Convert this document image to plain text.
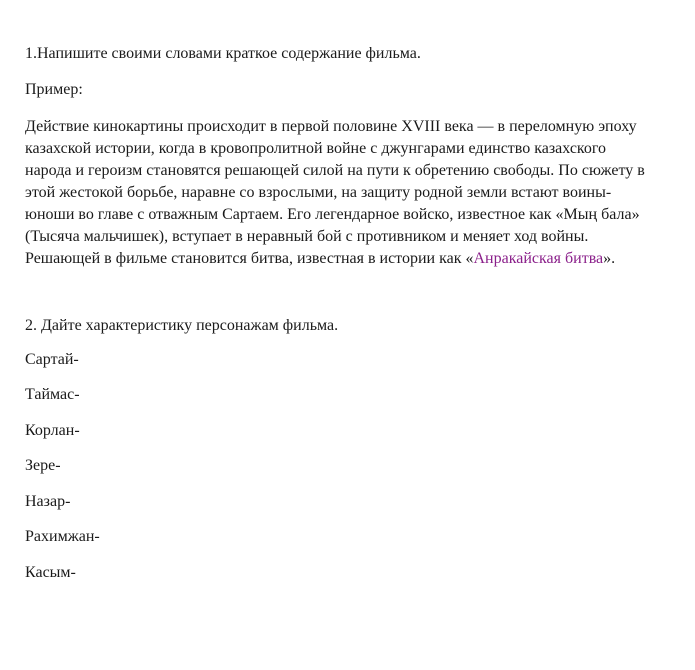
1.Напишите своими словами краткое содержание фильма.
Пример:
Действие кинокартины происходит в первой половине XVIII века — в переломную эпоху
казахской истории, когда в кровопролитной войне с джунгарами единство казахского
народа и героизм становятся решающей силой на пути к обретению свободы. По сюжету в
этой жестокой борьбе, наравне со взрослыми, на защиту родной земли встают воины-
юноши во главе с отважным Сартаем. Его легендарное войско, известное как «Мың бала»
(Тысяча мальчишек), вступает в неравный бой с противником и меняет ход войны.
Решающей в фильме становится битва, известная в истории как «Анракайская битва».
2. Дайте характеристику персонажам фильма.
Сартай-
Таймас-
Корлан-
Зере-
Назар-
Рахимжан-
Касым-
